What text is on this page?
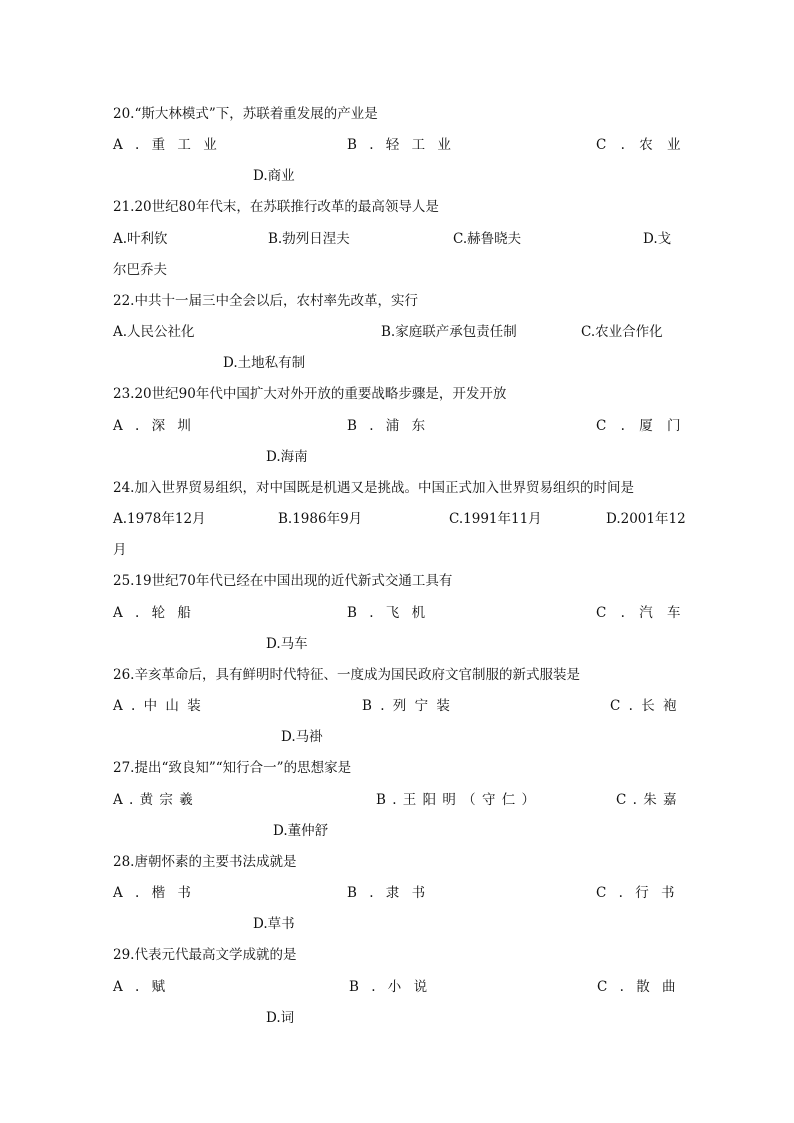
20.“斯大林模式”下，苏联着重发展的产业是
A . 重 工 业	B . 轻 工 业	C . 农 业
D.商业
21.20世纪80年代末，在苏联推行改革的最高领导人是
A.叶利钦	B.勃列日涅夫	C.赫鲁晓夫	D.戈
尔巴乔夫
22.中共十一届三中全会以后，农村率先改革，实行
A.人民公社化	B.家庭联产承包责任制	C.农业合作化
D.土地私有制
23.20世纪90年代中国扩大对外开放的重要战略步骤是，开发开放
A . 深 圳	B . 浦 东	C . 厦 门
D.海南
24.加入世界贸易组织，对中国既是机遇又是挑战。中国正式加入世界贸易组织的时间是
A.1978年12月	B.1986年9月	C.1991年11月	D.2001年12
月
25.19世纪70年代已经在中国出现的近代新式交通工具有
A . 轮 船	B . 飞 机	C . 汽 车
D.马车
26.辛亥革命后，具有鲜明时代特征、一度成为国民政府文官制服的新式服装是
A . 中 山 装	B . 列 宁 装	C . 长 袍
D.马褂
27.提出“致良知”“知行合一”的思想家是
A . 黄 宗 羲	B . 王 阳 明 （ 守 仁 ）	C . 朱 嘉
D.董仲舒
28.唐朝怀素的主要书法成就是
A . 楷 书	B . 隶 书	C . 行 书
D.草书
29.代表元代最高文学成就的是
A . 赋	B . 小 说	C . 散 曲
D.词
